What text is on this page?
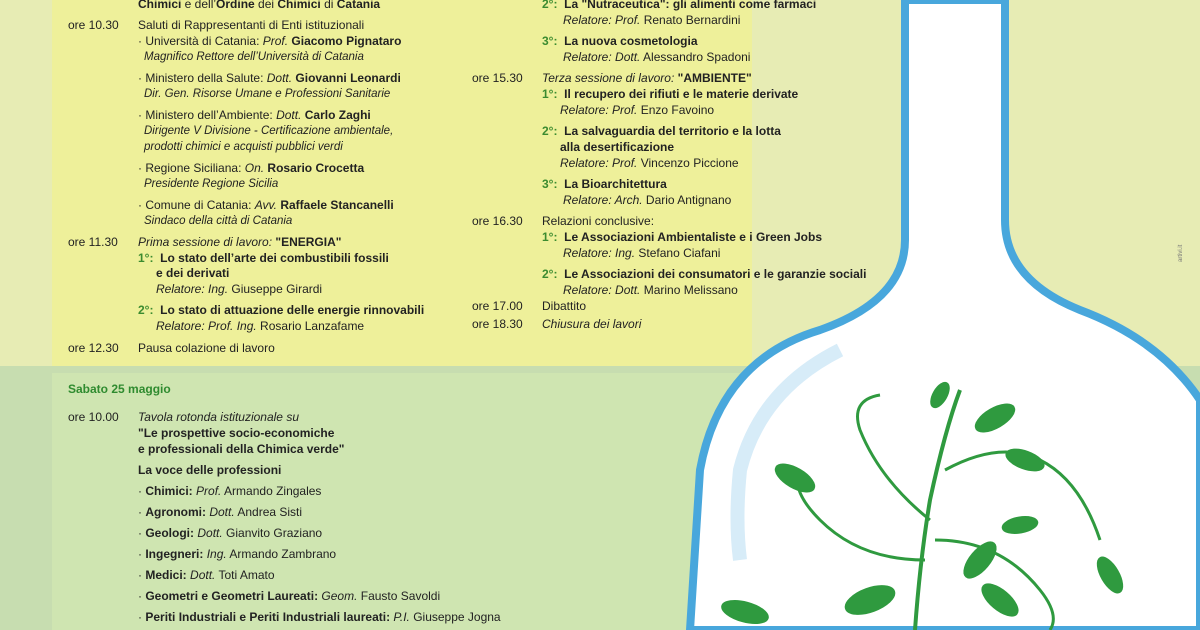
artivi.it
Chimici e dell’Ordine dei Chimici di Catania
ore 10.30 Saluti di Rappresentanti di Enti istituzionali
· Università di Catania: Prof. Giacomo Pignataro
Magnifico Rettore dell’Università di Catania
· Ministero della Salute: Dott. Giovanni Leonardi
Dir. Gen. Risorse Umane e Professioni Sanitarie
· Ministero dell’Ambiente: Dott. Carlo Zaghi
Dirigente V Divisione - Certificazione ambientale,
prodotti chimici e acquisti pubblici verdi
· Regione Siciliana: On. Rosario Crocetta
Presidente Regione Sicilia
· Comune di Catania: Avv. Raffaele Stancanelli
Sindaco della città di Catania
ore 11.30 Prima sessione di lavoro: "ENERGIA"
1°: Lo stato dell’arte dei combustibili fossili
e dei derivati
Relatore: Ing. Giuseppe Girardi
2°: Lo stato di attuazione delle energie rinnovabili
Relatore: Prof. Ing. Rosario Lanzafame
ore 12.30 Pausa colazione di lavoro
2°: La "Nutraceutica": gli alimenti come farmaci
Relatore: Prof. Renato Bernardini
3°: La nuova cosmetologia
Relatore: Dott. Alessandro Spadoni
ore 15.30 Terza sessione di lavoro: "AMBIENTE"
1°: Il recupero dei rifiuti e le materie derivate
Relatore: Prof. Enzo Favoino
2°: La salvaguardia del territorio e la lotta
alla desertificazione
Relatore: Prof. Vincenzo Piccione
3°: La Bioarchitettura
Relatore: Arch. Dario Antignano
ore 16.30 Relazioni conclusive:
1°: Le Associazioni Ambientaliste e i Green Jobs
Relatore: Ing. Stefano Ciafani
2°: Le Associazioni dei consumatori e le garanzie sociali
Relatore: Dott. Marino Melissano
ore 17.00 Dibattito
ore 18.30 Chiusura dei lavori
Sabato 25 maggio
ore 10.00 Tavola rotonda istituzionale su
"Le prospettive socio-economiche
e professionali della Chimica verde"
La voce delle professioni
· Chimici: Prof. Armando Zingales
· Agronomi: Dott. Andrea Sisti
· Geologi: Dott. Gianvito Graziano
· Ingegneri: Ing. Armando Zambrano
· Medici: Dott. Toti Amato
· Geometri e Geometri Laureati: Geom. Fausto Savoldi
· Periti Industriali e Periti Industriali laureati: P.I. Giuseppe Jogna
